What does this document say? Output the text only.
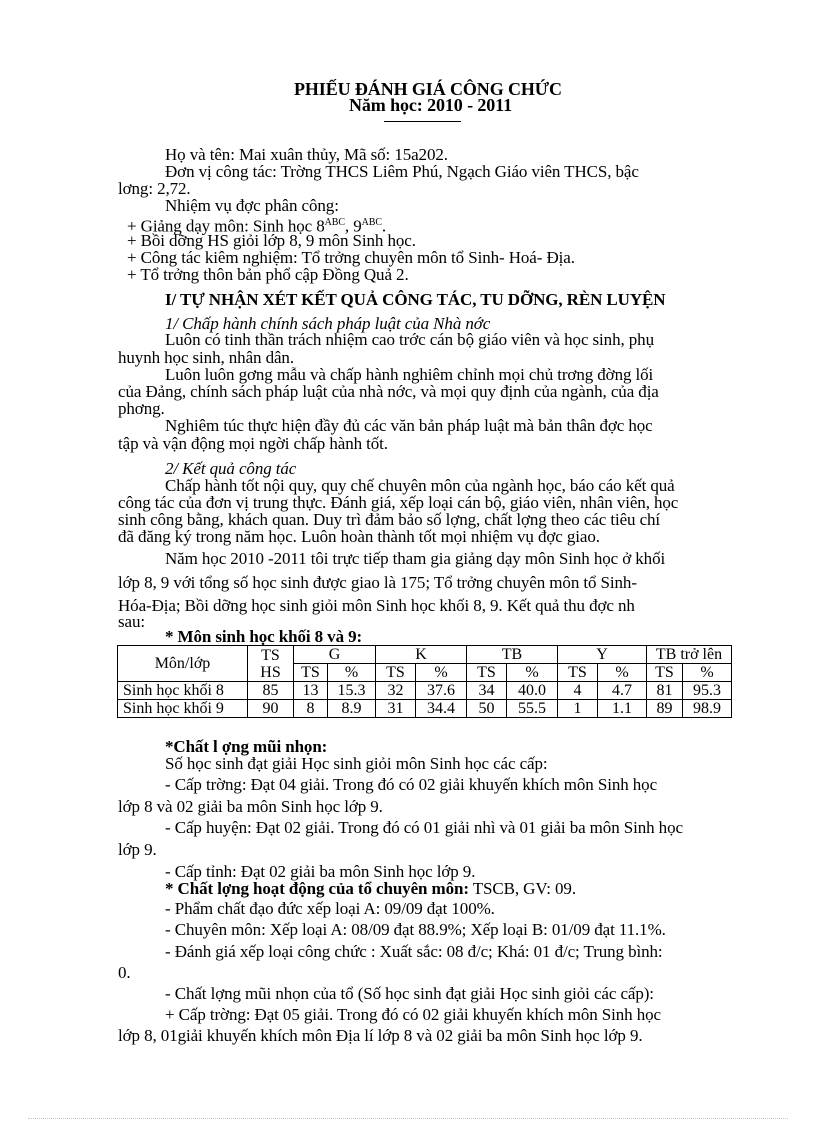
PHIẾU ĐÁNH GIÁ CÔNG CHỨC
Năm học: 2010 - 2011
Họ và tên: Mai xuân thủy, Mã số: 15a202.
Đơn vị công tác: Trờng THCS Liêm Phú, Ngạch Giáo viên THCS, bậc
lơng: 2,72.
Nhiệm vụ đợc phân công:
+ Giảng dạy môn: Sinh học $8^{ABC}$, $9^{ABC}$.
+ Bồi dỡng HS giỏi lớp 8, 9 môn Sinh học.
+ Công tác kiêm nghiệm: Tổ trởng chuyên môn tổ Sinh- Hoá- Địa.
+ Tổ trởng thôn bản phổ cập Đồng Quả 2.
I/ TỰ NHẬN XÉT KẾT QUẢ CÔNG TÁC, TU DỠNG, RÈN LUYỆN
1/ Chấp hành chính sách pháp luật của Nhà nớc
Luôn có tinh thần trách nhiệm cao trớc cán bộ giáo viên và học sinh, phụ
huynh học sinh, nhân dân.
Luôn luôn gơng mẫu và chấp hành nghiêm chỉnh mọi chủ trơng đờng lối
của Đảng, chính sách pháp luật của nhà nớc, và mọi quy định của ngành, của địa
phơng.
Nghiêm túc thực hiện đầy đủ các văn bản pháp luật mà bản thân đợc học
tập và vận động mọi ngời chấp hành tốt.
2/ Kết quả công tác
Chấp hành tốt nội quy, quy chế chuyên môn của ngành học, báo cáo kết quả
công tác của đơn vị trung thực. Đánh giá, xếp loại cán bộ, giáo viên, nhân viên, học
sinh công bằng, khách quan. Duy trì đảm bảo số lợng, chất lợng theo các tiêu chí
đã đăng ký trong năm học. Luôn hoàn thành tốt mọi nhiệm vụ đợc giao.
Năm học 2010 -2011 tôi trực tiếp tham gia giảng dạy môn Sinh học ở khối
lớp 8, 9 với tổng số học sinh được giao là 175; Tổ trởng chuyên môn tổ Sinh-
Hóa-Địa; Bồi dỡng học sinh giỏi môn Sinh học khối 8, 9. Kết quả thu đợc nh
sau:
* Môn sinh học khối 8 và 9:
Môn/lớp	TS
HS	G		K		TB		Y		TB trở lên	
		TS	%	TS	%	TS	%	TS	%	TS	%
Sinh học khối 8	85	13	15.3	32	37.6	34	40.0	4	4.7	81	95.3
Sinh học khối 9	90	8	8.9	31	34.4	50	55.5	1	1.1	89	98.9
*Chất l ợng mũi nhọn:
Số học sinh đạt giải Học sinh giỏi môn Sinh học các cấp:
- Cấp trờng: Đạt 04 giải. Trong đó có 02 giải khuyến khích môn Sinh học
lớp 8 và 02 giải ba môn Sinh học lớp 9.
- Cấp huyện: Đạt 02 giải. Trong đó có 01 giải nhì và 01 giải ba môn Sinh học
lớp 9.
- Cấp tỉnh: Đạt 02 giải ba môn Sinh học lớp 9.
* Chất lợng hoạt động của tổ chuyên môn: TSCB, GV: 09.
- Phẩm chất đạo đức xếp loại A: 09/09 đạt 100%.
- Chuyên môn: Xếp loại A: 08/09 đạt 88.9%; Xếp loại B: 01/09 đạt 11.1%.
- Đánh giá xếp loại công chức : Xuất sắc: 08 đ/c; Khá: 01 đ/c; Trung bình:
0.
- Chất lợng mũi nhọn của tổ (Số học sinh đạt giải Học sinh giỏi các cấp):
+ Cấp trờng: Đạt 05 giải. Trong đó có 02 giải khuyến khích môn Sinh học
lớp 8, 01giải khuyến khích môn Địa lí lớp 8 và 02 giải ba môn Sinh học lớp 9.
